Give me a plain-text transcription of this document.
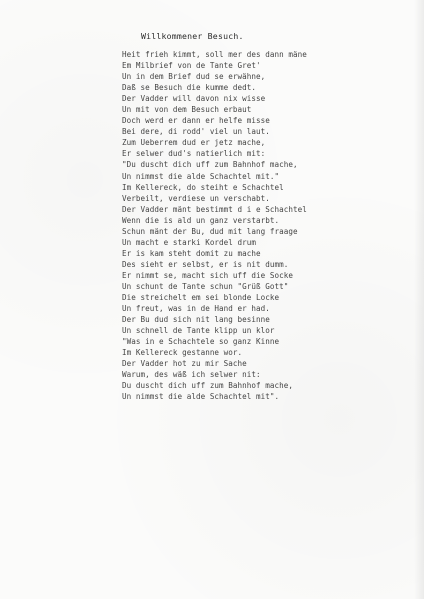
Willkommener Besuch.
Heit frieh kimmt, soll mer des dann mäne
Em Milbrief von de Tante Gret'
Un in dem Brief dud se erwähne,
Daß se Besuch die kumme dedt.
Der Vadder will davon nix wisse
Un mit von dem Besuch erbaut
Doch werd er dann er helfe misse
Bei dere, di rodd' viel un laut.
Zum Ueberrem dud er jetz mache,
Er selwer dud's natierlich mit:
"Du duscht dich uff zum Bahnhof mache,
Un nimmst die alde Schachtel mit."
Im Kellereck, do steiht e Schachtel
Verbeilt, verdiese un verschabt.
Der Vadder mänt bestimmt d i e Schachtel
Wenn die is ald un ganz verstarbt.
Schun mänt der Bu, dud mit lang fraage
Un macht e starki Kordel drum
Er is kam steht domit zu mache
Des sieht er selbst, er is nit dumm.
Er nimmt se, macht sich uff die Socke
Un schunt de Tante schun "Grüß Gott"
Die streichelt em sei blonde Locke
Un freut, was in de Hand er had.
Der Bu dud sich nit lang besinne
Un schnell de Tante klipp un klor
"Was in e Schachtele so ganz Kinne
Im Kellereck gestanne wor.
Der Vadder hot zu mir Sache
Warum, des wäß ich selwer nit:
Du duscht dich uff zum Bahnhof mache,
Un nimmst die alde Schachtel mit".
